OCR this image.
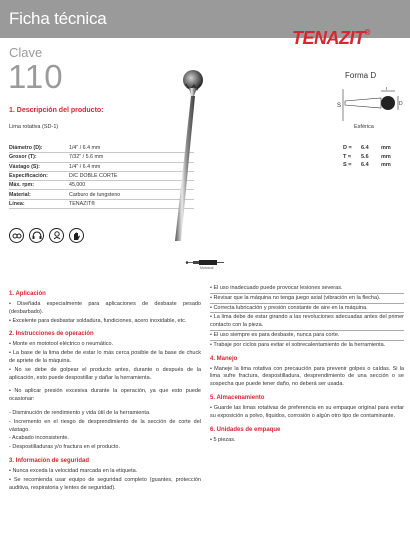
Ficha técnica
TENAZIT®
Clave
110
1. Descripción del producto:
Lima rotativa (SD-1)
Diámetro (D):	1/4" / 6.4 mm
Grosor (T):	7/32" / 5.6 mm
Vástago (S):	1/4" / 6.4 mm
Especificación:	D/C DOBLE CORTE
Máx. rpm:	45,000
Material:	Carburo de tungsteno
Línea:	TENAZIT®
Forma D
S
T
D
Esférica
D =	6.4	mm
T =	5.6	mm
S =	6.4	mm
Mototool
1. Aplicación
• Diseñada especialmente para aplicaciones de desbaste pesado (desbarbado).
• Excelente para desbastar soldadura, fundiciones, acero inoxidable, etc.
2. Instrucciones de operación
• Monte en mototool eléctrico o neumático.
• La base de la lima debe de estar lo más cerca posible de la base de chuck de apriete de la máquina.
• No se debe de golpear el producto antes, durante o después de la aplicación, esto puede despostillar y dañar la herramienta.
• No aplicar presión excesiva durante la operación, ya que esto puede ocasionar:
- Disminución de rendimiento y vida útil de la herramienta.
- Incremento en el riesgo de desprendimiento de la sección de corte del vástago.
- Acabado inconsistente.
- Despostilladuras y/o fractura en el producto.
3. Información de seguridad
• Nunca exceda la velocidad marcada en la etiqueta.
• Se recomienda usar equipo de seguridad completo (guantes, protección auditiva, respiratoria y lentes de seguridad).
• El uso inadecuado puede provocar lesiones severas.
• Revisar que la máquina no tenga juego axial (vibración en la flecha).
• Correcta lubricación y presión constante de aire en la máquina.
• La lima debe de estar girando a las revoluciones adecuadas antes del primer contacto con la pieza.
• El uso siempre es para desbaste, nunca para corte.
• Trabaje por ciclos para evitar el sobrecalentamiento de la herramienta.
4. Manejo
• Maneje la lima rotativa con precaución para prevenir golpes o caídas. Si la lima sufre fractura, despostilladura, desprendimiento de una sección o se sospecha que puede tener daño, no deberá ser usada.
5. Almacenamiento
• Guarde las limas rotativas de preferencia en su empaque original para evitar su exposición a polvo, líquidos, corrosión o algún otro tipo de contaminante.
6. Unidades de empaque
• 5 piezas.
